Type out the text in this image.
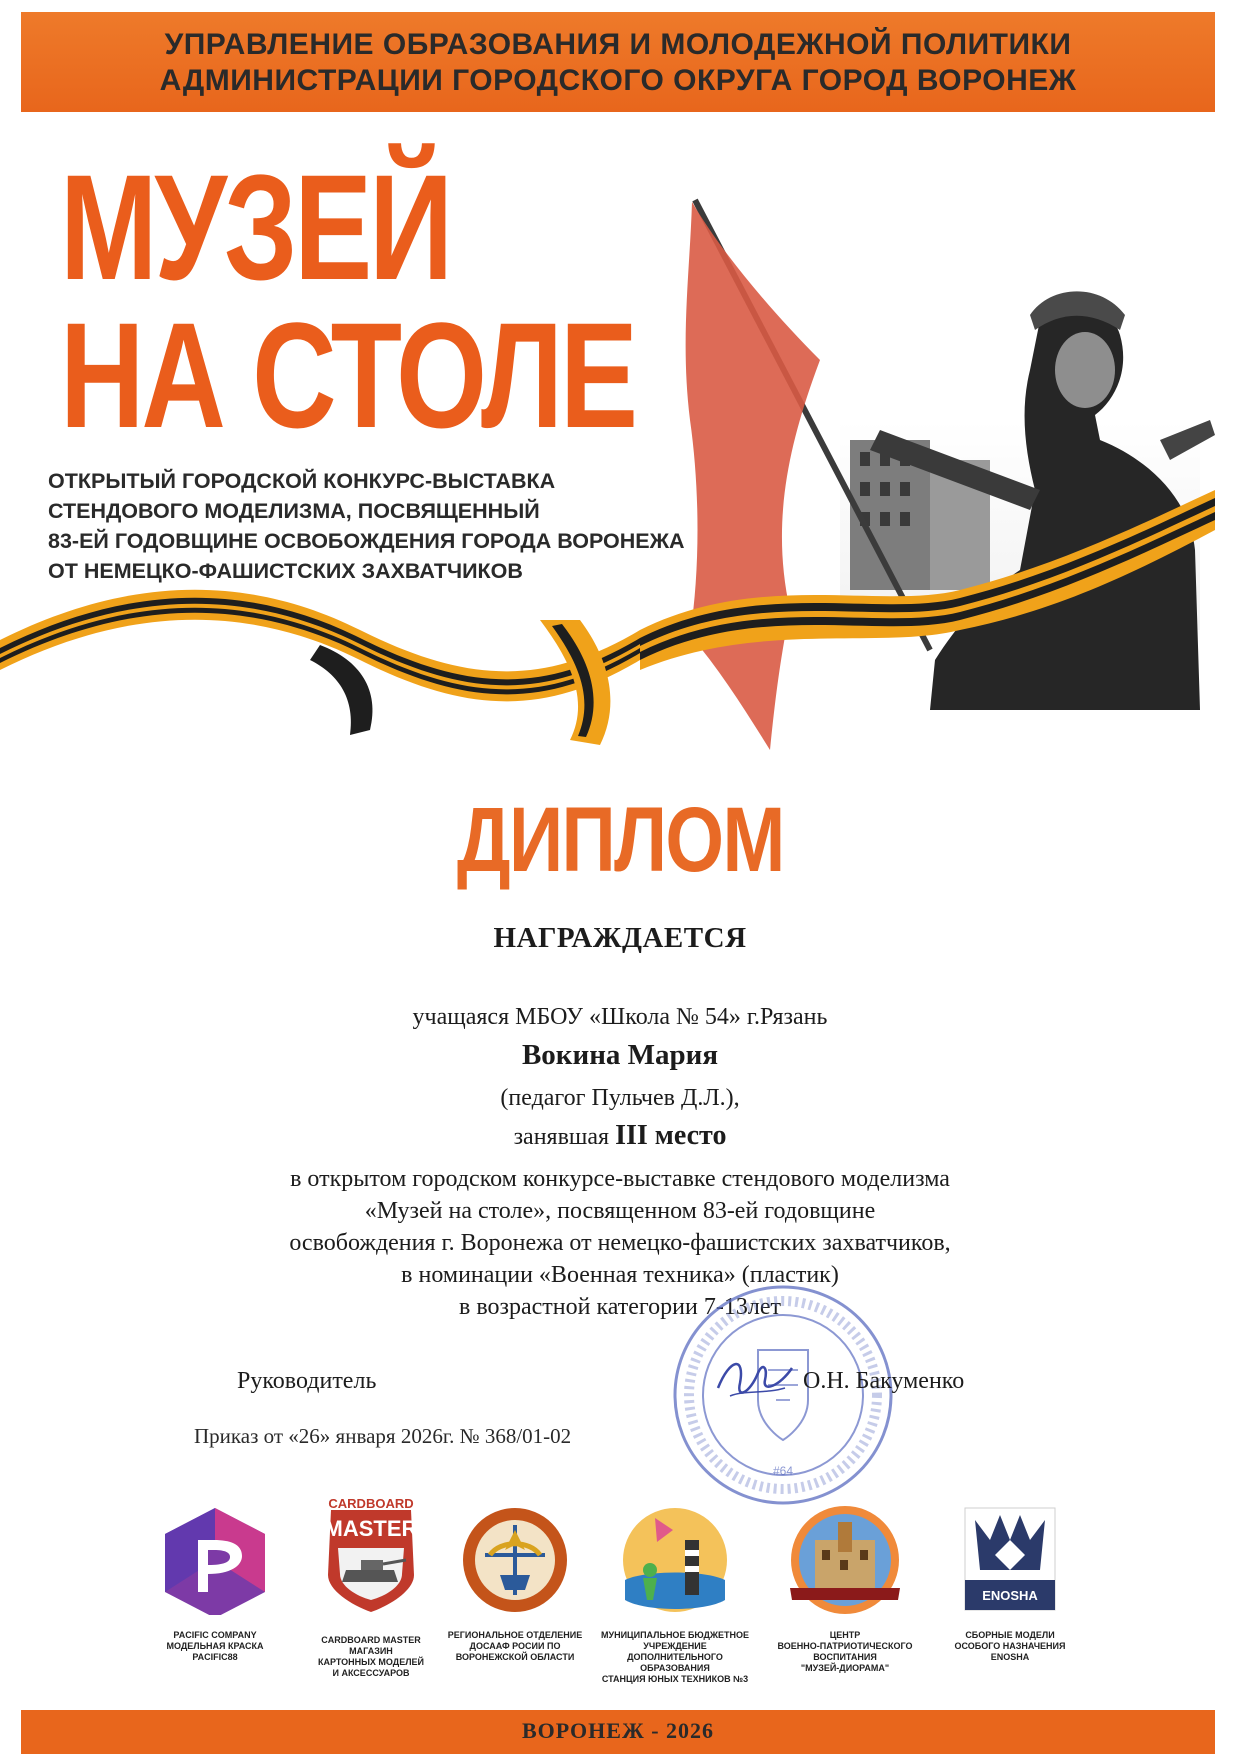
УПРАВЛЕНИЕ ОБРАЗОВАНИЯ И МОЛОДЕЖНОЙ ПОЛИТИКИ
АДМИНИСТРАЦИИ ГОРОДСКОГО ОКРУГА ГОРОД ВОРОНЕЖ
МУЗЕЙ
НА СТОЛЕ
ОТКРЫТЫЙ ГОРОДСКОЙ КОНКУРС-ВЫСТАВКА
СТЕНДОВОГО МОДЕЛИЗМА, ПОСВЯЩЕННЫЙ
83-ЕЙ ГОДОВЩИНЕ ОСВОБОЖДЕНИЯ ГОРОДА ВОРОНЕЖА
ОТ НЕМЕЦКО-ФАШИСТСКИХ ЗАХВАТЧИКОВ
ДИПЛОМ
НАГРАЖДАЕТСЯ
учащаяся МБОУ «Школа № 54» г.Рязань
Вокина Мария
(педагог Пульчев Д.Л.),
занявшая III место
в открытом городском конкурсе-выставке стендового моделизма
«Музей на столе», посвященном 83-ей годовщине
освобождения г. Воронежа от немецко-фашистских захватчиков,
в номинации «Военная техника» (пластик)
в возрастной категории 7-13лет
#64
Руководитель	О.Н. Бакуменко
Приказ от «26» января 2026г. № 368/01-02
PACIFIC COMPANY
МОДЕЛЬНАЯ КРАСКА
PACIFIC88
CARDBOARD
MASTER
CARDBOARD MASTER
МАГАЗИН
КАРТОННЫХ МОДЕЛЕЙ
И АКСЕССУАРОВ
РЕГИОНАЛЬНОЕ ОТДЕЛЕНИЕ
ДОСААФ РОСИИ ПО
ВОРОНЕЖСКОЙ ОБЛАСТИ
МУНИЦИПАЛЬНОЕ БЮДЖЕТНОЕ
УЧРЕЖДЕНИЕ ДОПОЛНИТЕЛЬНОГО
ОБРАЗОВАНИЯ
СТАНЦИЯ ЮНЫХ ТЕХНИКОВ №3
ЦЕНТР
ВОЕННО-ПАТРИОТИЧЕСКОГО
ВОСПИТАНИЯ
"МУЗЕЙ-ДИОРАМА"
ENOSHA
СБОРНЫЕ МОДЕЛИ
ОСОБОГО НАЗНАЧЕНИЯ
ENOSHA
ВОРОНЕЖ - 2026
